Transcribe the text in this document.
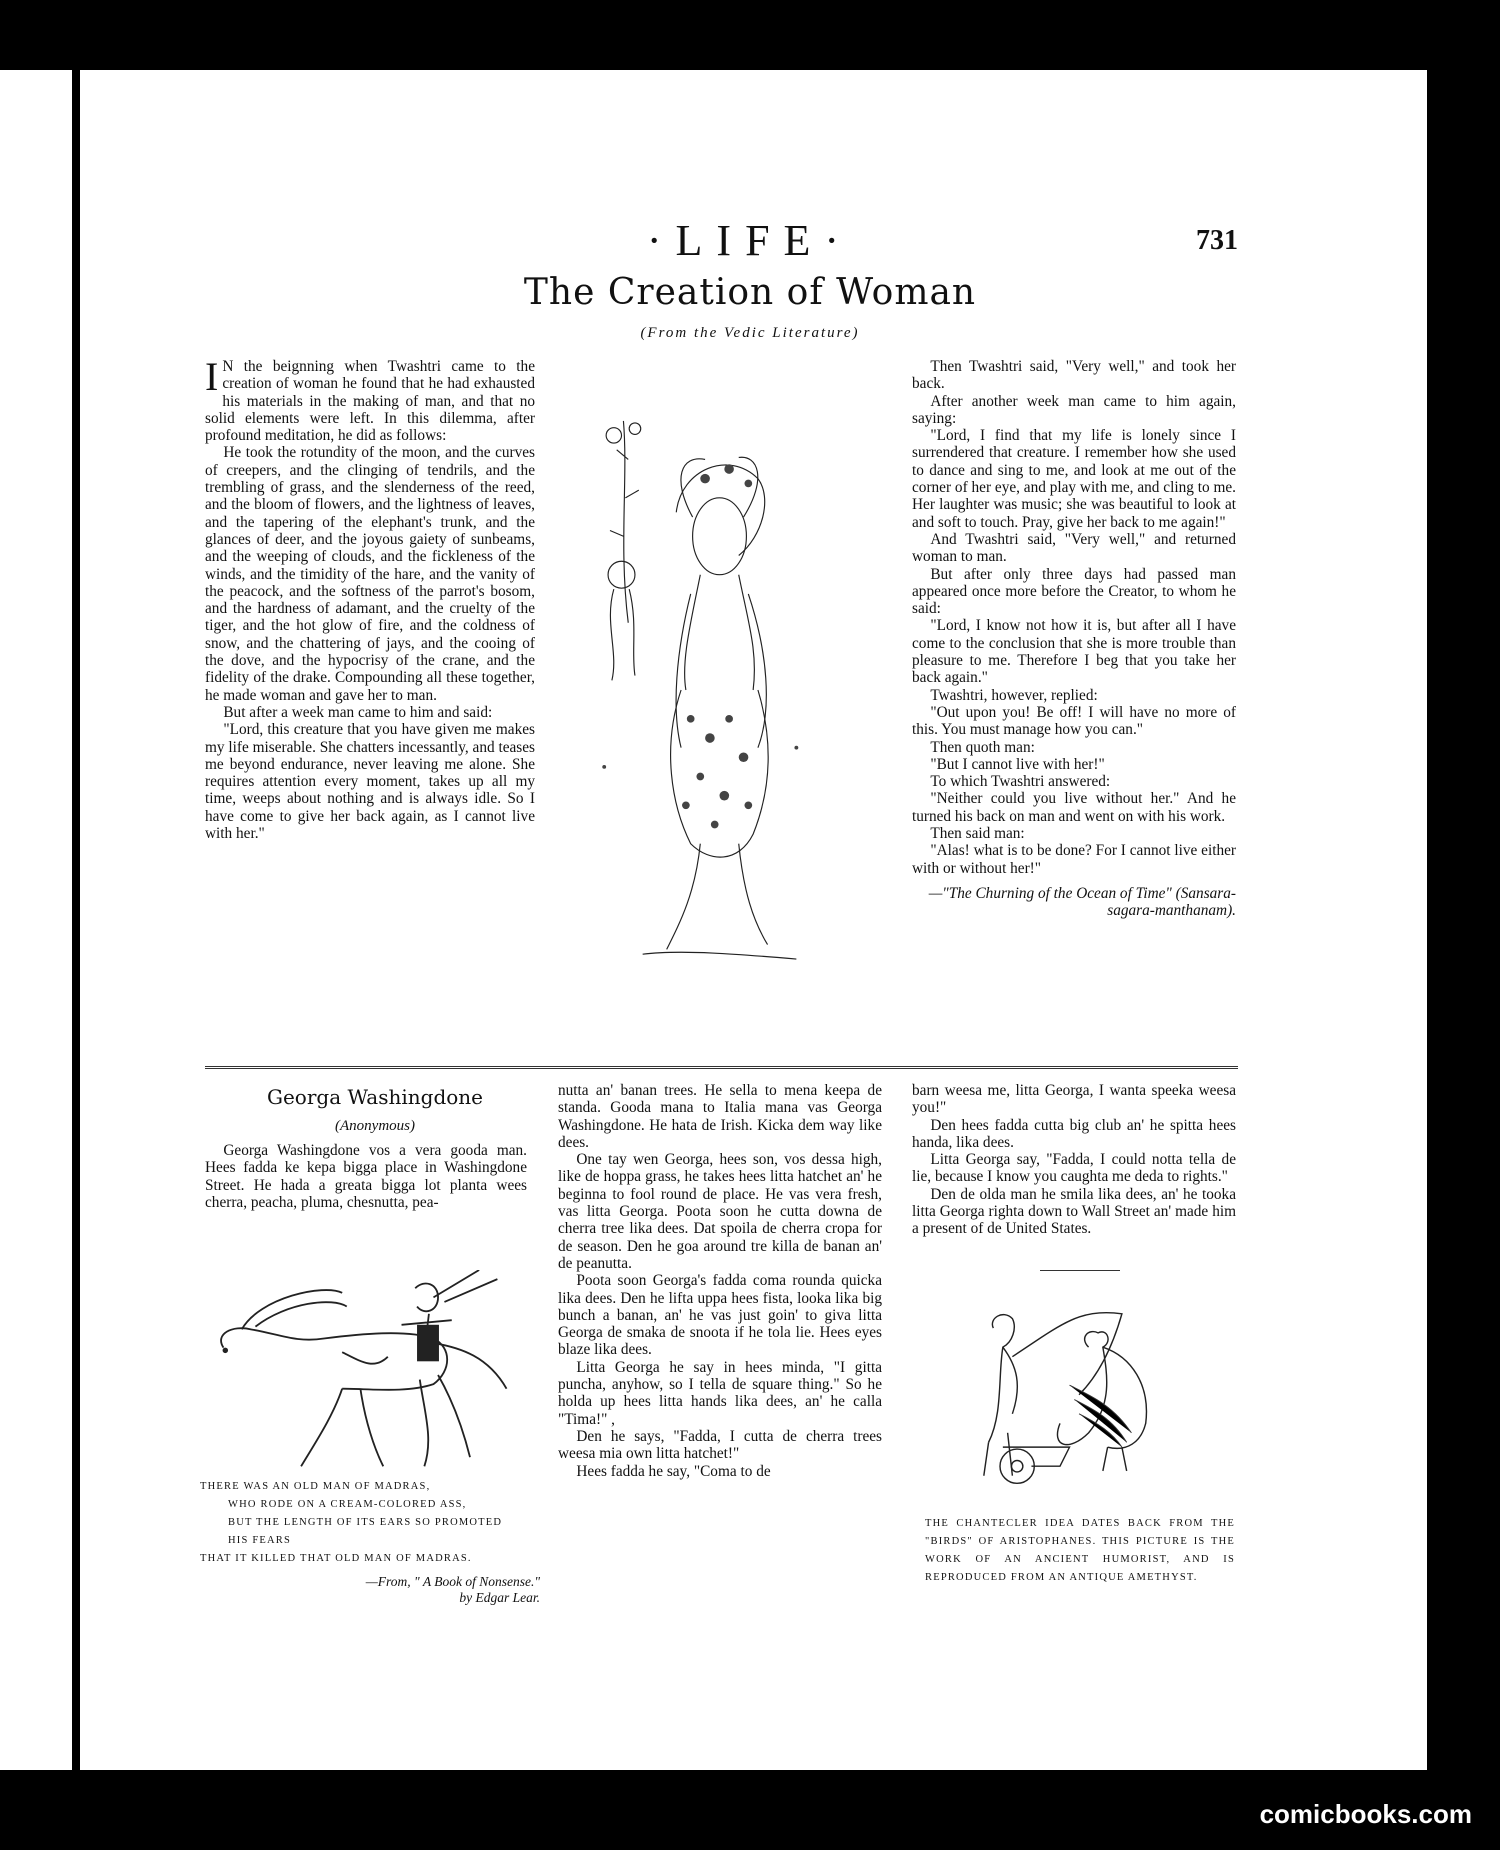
·LIFE·	731
The Creation of Woman
(From the Vedic Literature)

I N the beignning when Twashtri came to the creation of woman he found that he had exhausted his materials in the making of man, and that no solid elements were left. In this dilemma, after profound meditation, he did as follows:

He took the rotundity of the moon, and the curves of creepers, and the clinging of tendrils, and the trembling of grass, and the slenderness of the reed, and the bloom of flowers, and the lightness of leaves, and the tapering of the elephant's trunk, and the glances of deer, and the joyous gaiety of sunbeams, and the weeping of clouds, and the fickleness of the winds, and the timidity of the hare, and the vanity of the peacock, and the softness of the parrot's bosom, and the hardness of adamant, and the cruelty of the tiger, and the hot glow of fire, and the coldness of snow, and the chattering of jays, and the cooing of the dove, and the hypocrisy of the crane, and the fidelity of the drake. Compounding all these together, he made woman and gave her to man.

But after a week man came to him and said:

"Lord, this creature that you have given me makes my life miserable. She chatters incessantly, and teases me beyond endurance, never leaving me alone. She requires attention every moment, takes up all my time, weeps about nothing and is always idle. So I have come to give her back again, as I cannot live with her."

Then Twashtri said, "Very well," and took her back.

After another week man came to him again, saying:

"Lord, I find that my life is lonely since I surrendered that creature. I remember how she used to dance and sing to me, and look at me out of the corner of her eye, and play with me, and cling to me. Her laughter was music; she was beautiful to look at and soft to touch. Pray, give her back to me again!"

And Twashtri said, "Very well," and returned woman to man.

But after only three days had passed man appeared once more before the Creator, to whom he said:

"Lord, I know not how it is, but after all I have come to the conclusion that she is more trouble than pleasure to me. Therefore I beg that you take her back again."

Twashtri, however, replied:

"Out upon you! Be off! I will have no more of this. You must manage how you can."

Then quoth man:

"But I cannot live with her!"

To which Twashtri answered:

"Neither could you live without her." And he turned his back on man and went on with his work.

Then said man:

"Alas! what is to be done? For I cannot live either with or without her!"

—"The Churning of the Ocean of Time" (Sansara-sagara-manthanam).

Georga Washingdone
(Anonymous)

Georga Washingdone vos a vera gooda man. Hees fadda ke kepa bigga place in Washingdone Street. He hada a greata bigga lot planta wees cherra, peacha, pluma, chesnutta, pea-

THERE WAS AN OLD MAN OF MADRAS,
WHO RODE ON A CREAM-COLORED ASS,
BUT THE LENGTH OF ITS EARS SO PROMOTED
HIS FEARS
THAT IT KILLED THAT OLD MAN OF MADRAS.
—From, " A Book of Nonsense."
by Edgar Lear.

nutta an' banan trees. He sella to mena keepa de standa. Gooda mana to Italia mana vas Georga Washingdone. He hata de Irish. Kicka dem way like dees.

One tay wen Georga, hees son, vos dessa high, like de hoppa grass, he takes hees litta hatchet an' he beginna to fool round de place. He vas vera fresh, vas litta Georga. Poota soon he cutta downa de cherra tree lika dees. Dat spoila de cherra cropa for de season. Den he goa around tre killa de banan an' de peanutta.

Poota soon Georga's fadda coma rounda quicka lika dees. Den he lifta uppa hees fista, looka lika big bunch a banan, an' he vas just goin' to giva litta Georga de smaka de snoota if he tola lie. Hees eyes blaze lika dees.

Litta Georga he say in hees minda, "I gitta puncha, anyhow, so I tella de square thing." So he holda up hees litta hands lika dees, an' he calla "Tima!" ,

Den he says, "Fadda, I cutta de cherra trees weesa mia own litta hatchet!"

Hees fadda he say, "Coma to de

barn weesa me, litta Georga, I wanta speeka weesa you!"

Den hees fadda cutta big club an' he spitta hees handa, lika dees.

Litta Georga say, "Fadda, I could notta tella de lie, because I know you caughta me deda to rights."

Den de olda man he smila lika dees, an' he tooka litta Georga righta down to Wall Street an' made him a present of de United States.

THE CHANTECLER IDEA DATES BACK FROM THE "BIRDS" OF ARISTOPHANES. THIS PICTURE IS THE WORK OF AN ANCIENT HUMORIST, AND IS REPRODUCED FROM AN ANTIQUE AMETHYST.
comicbooks.com
